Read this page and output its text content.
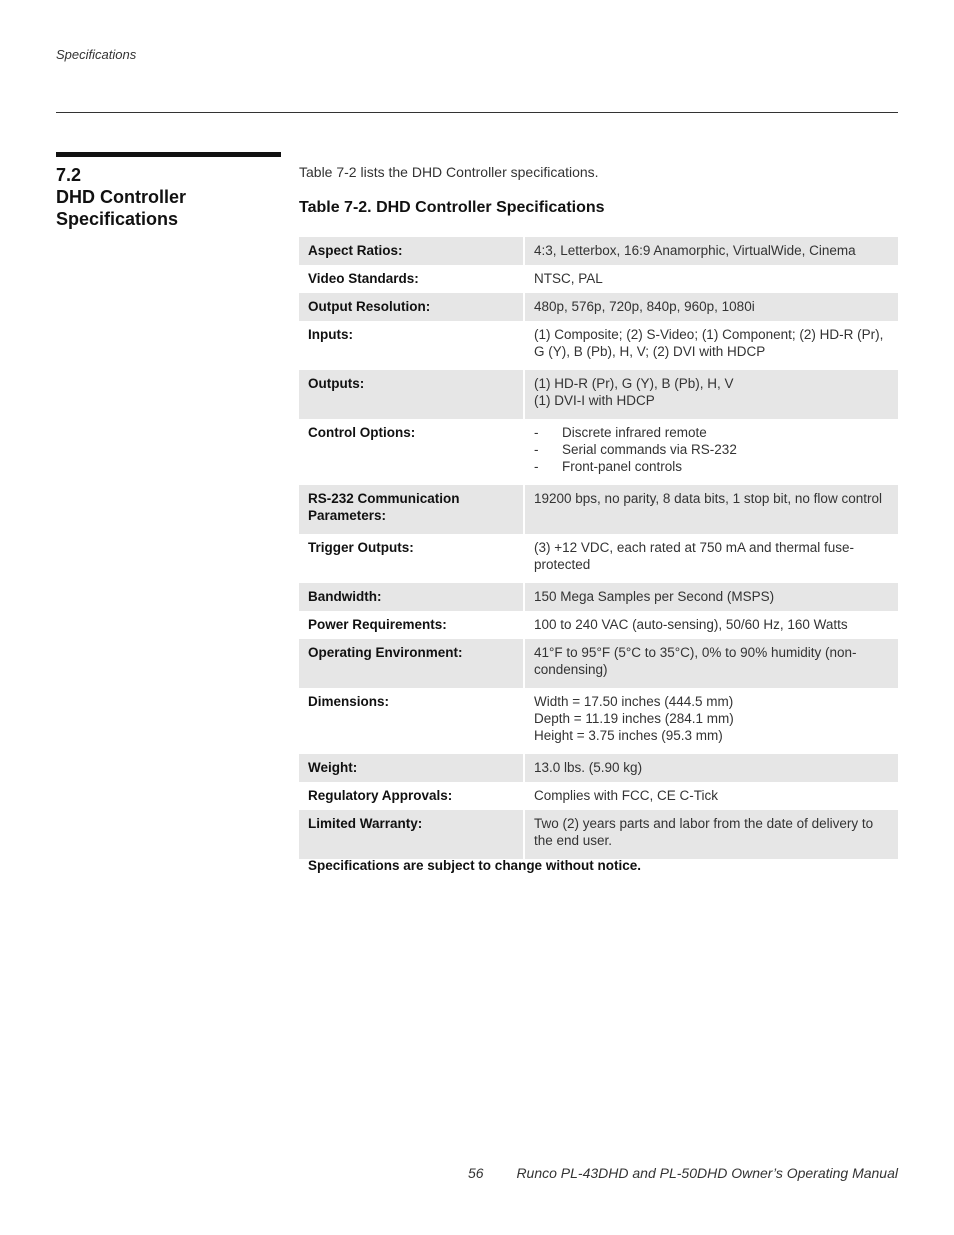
Specifications
7.2
DHD Controller
Specifications
Table 7-2 lists the DHD Controller specifications.
Table 7-2. DHD Controller Specifications
Aspect Ratios:	4:3, Letterbox, 16:9 Anamorphic, VirtualWide, Cinema

Video Standards:	NTSC, PAL

Output Resolution:	480p, 576p, 720p, 840p, 960p, 1080i

Inputs:	(1) Composite; (2) S-Video; (1) Component; (2) HD-R (Pr), G (Y), B (Pb), H, V; (2) DVI with HDCP

Outputs:	(1) HD-R (Pr), G (Y), B (Pb), H, V
(1) DVI-I with HDCP

Control Options:	- Discrete infrared remote
- Serial commands via RS-232
- Front-panel controls

RS-232 Communication Parameters:	19200 bps, no parity, 8 data bits, 1 stop bit, no flow control

Trigger Outputs:	(3) +12 VDC, each rated at 750 mA and thermal fuse-protected

Bandwidth:	150 Mega Samples per Second (MSPS)

Power Requirements:	100 to 240 VAC (auto-sensing), 50/60 Hz, 160 Watts

Operating Environment:	41°F to 95°F (5°C to 35°C), 0% to 90% humidity (non-condensing)

Dimensions:	Width = 17.50 inches (444.5 mm)
Depth = 11.19 inches (284.1 mm)
Height = 3.75 inches (95.3 mm)

Weight:	13.0 lbs. (5.90 kg)

Regulatory Approvals:	Complies with FCC, CE C-Tick

Limited Warranty:	Two (2) years parts and labor from the date of delivery to the end user.
Specifications are subject to change without notice.
56 Runco PL-43DHD and PL-50DHD Owner’s Operating Manual
